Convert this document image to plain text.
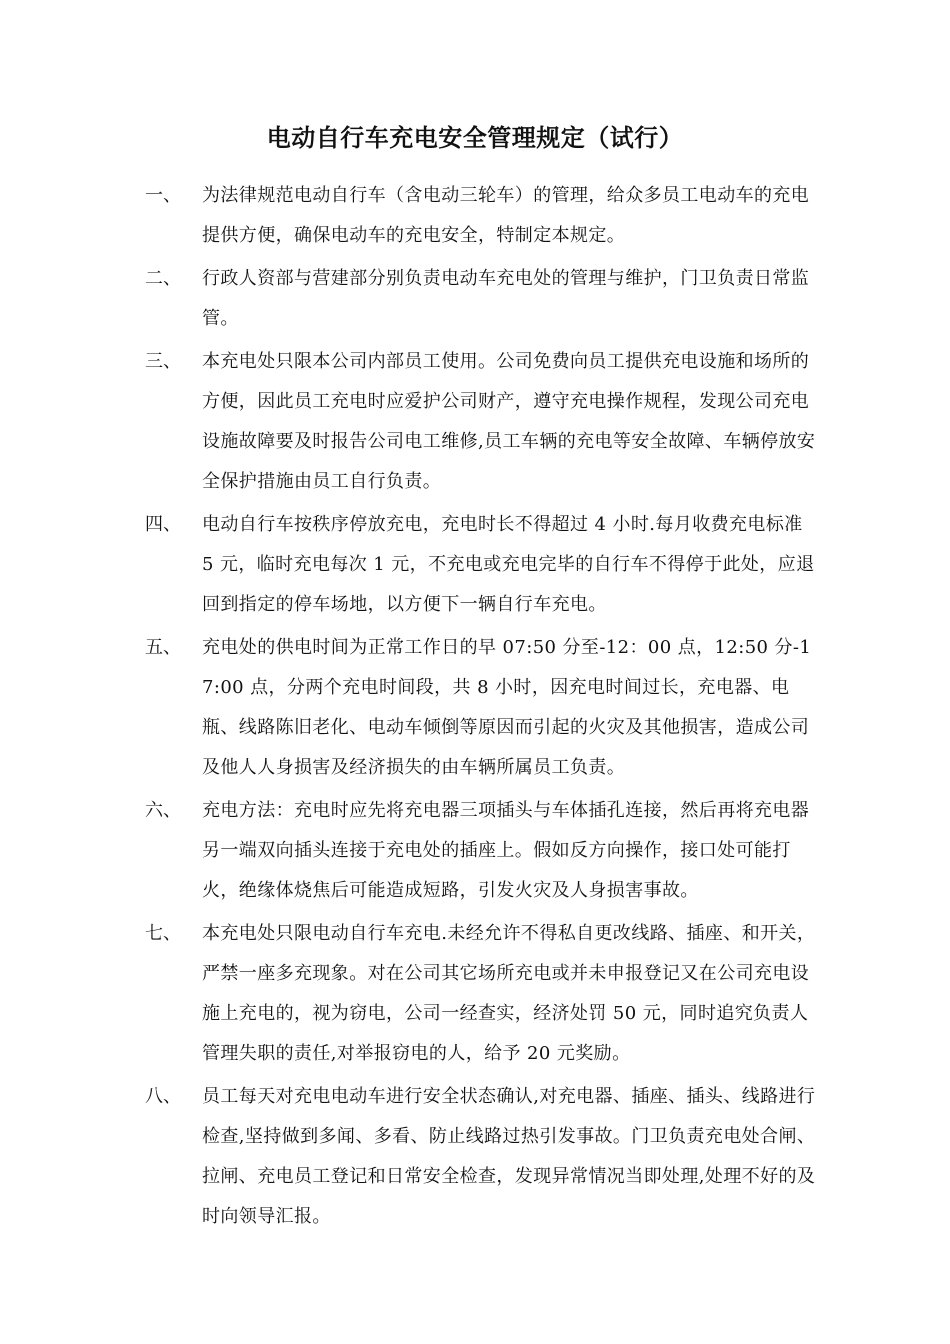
电动自行车充电安全管理规定（试行）
一、	为法律规范电动自行车（含电动三轮车）的管理，给众多员工电动车的充电提供方便，确保电动车的充电安全，特制定本规定。
二、	行政人资部与营建部分别负责电动车充电处的管理与维护，门卫负责日常监管。
三、	本充电处只限本公司内部员工使用。公司免费向员工提供充电设施和场所的方便，因此员工充电时应爱护公司财产，遵守充电操作规程，发现公司充电设施故障要及时报告公司电工维修,员工车辆的充电等安全故障、车辆停放安全保护措施由员工自行负责。
四、	电动自行车按秩序停放充电，充电时长不得超过 4 小时.每月收费充电标准 5 元，临时充电每次 1 元，不充电或充电完毕的自行车不得停于此处，应退回到指定的停车场地，以方便下一辆自行车充电。
五、	充电处的供电时间为正常工作日的早 07:50 分至-12：00 点，12:50 分-17:00 点，分两个充电时间段，共 8 小时，因充电时间过长，充电器、电瓶、线路陈旧老化、电动车倾倒等原因而引起的火灾及其他损害，造成公司及他人人身损害及经济损失的由车辆所属员工负责。
六、	充电方法：充电时应先将充电器三项插头与车体插孔连接，然后再将充电器另一端双向插头连接于充电处的插座上。假如反方向操作，接口处可能打火，绝缘体烧焦后可能造成短路，引发火灾及人身损害事故。
七、	本充电处只限电动自行车充电.未经允许不得私自更改线路、插座、和开关，严禁一座多充现象。对在公司其它场所充电或并未申报登记又在公司充电设施上充电的，视为窃电，公司一经查实，经济处罚 50 元，同时追究负责人管理失职的责任,对举报窃电的人，给予 20 元奖励。
八、	员工每天对充电电动车进行安全状态确认,对充电器、插座、插头、线路进行检查,坚持做到多闻、多看、防止线路过热引发事故。门卫负责充电处合闸、拉闸、充电员工登记和日常安全检查，发现异常情况当即处理,处理不好的及时向领导汇报。
